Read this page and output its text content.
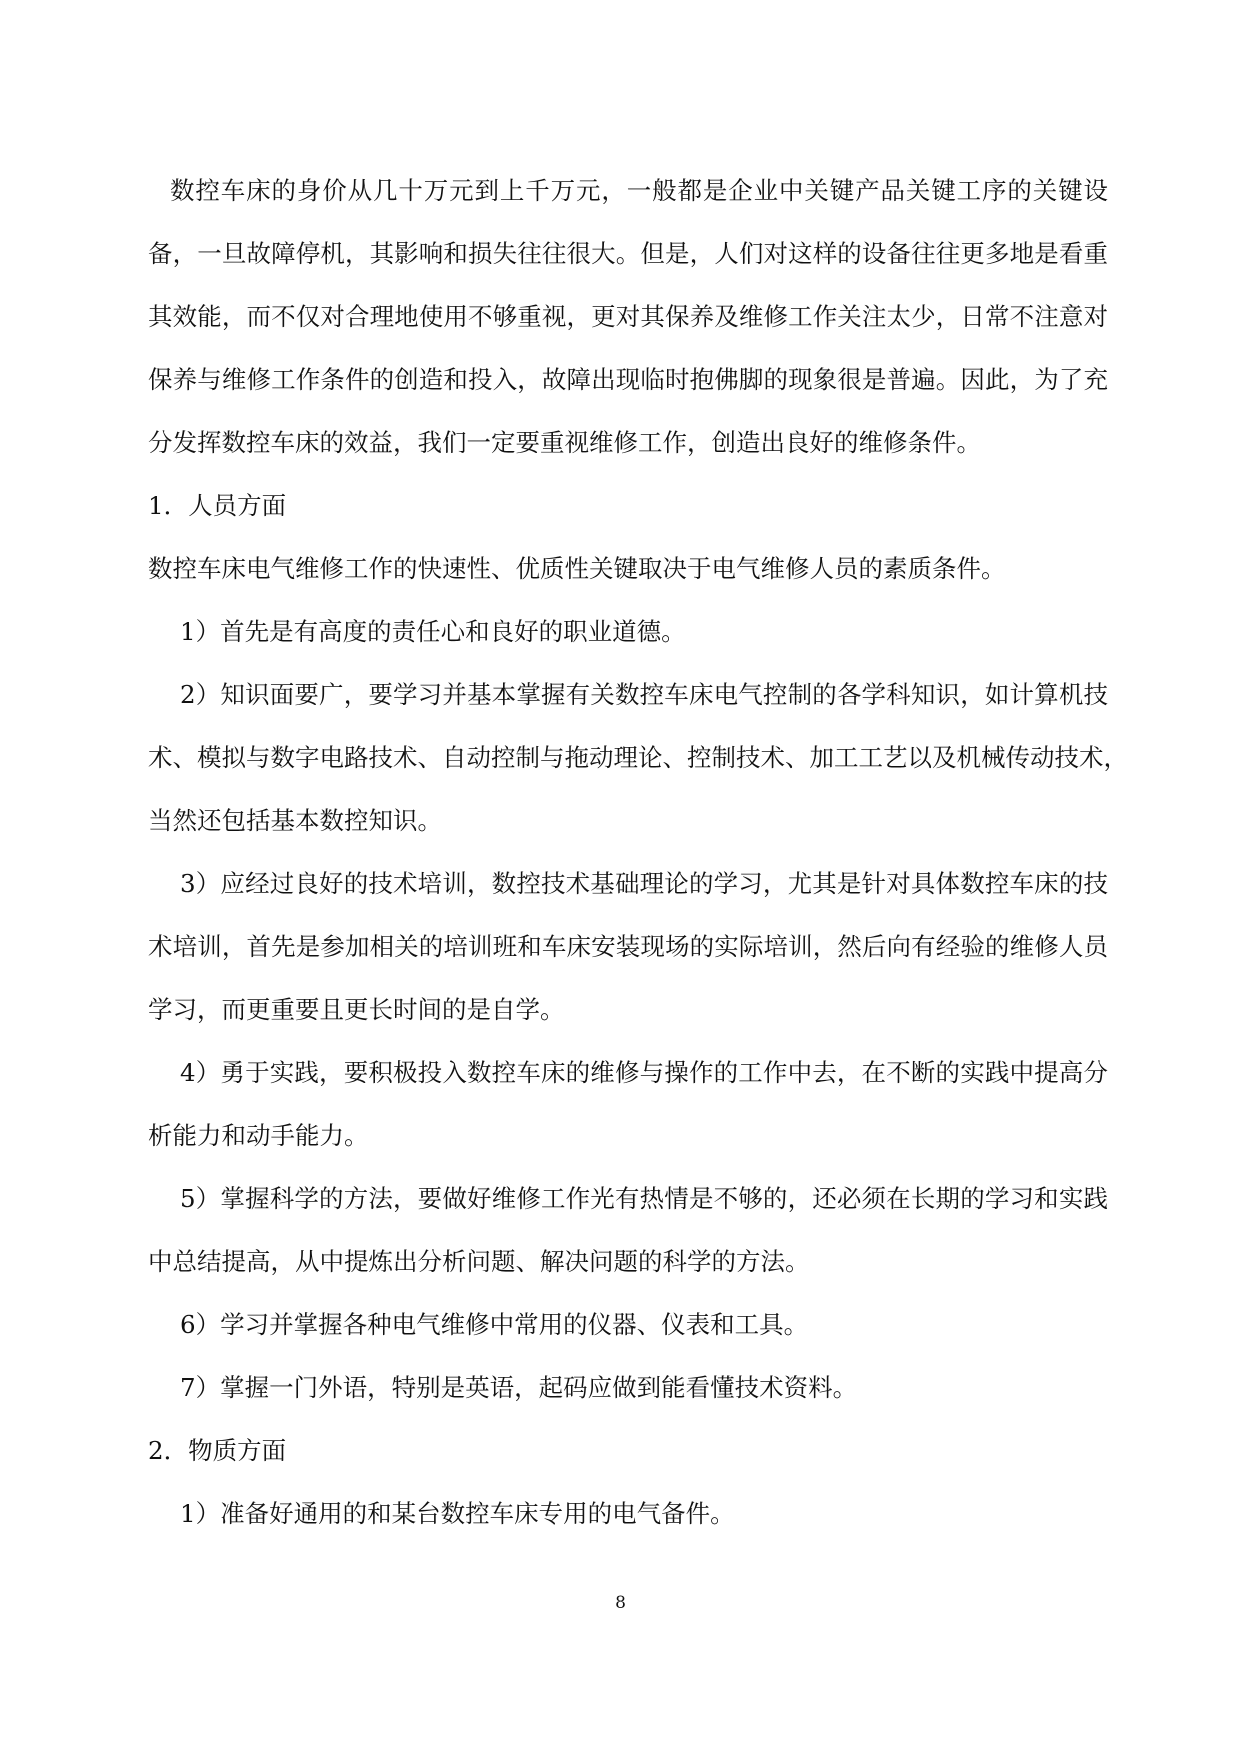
数控车床的身价从几十万元到上千万元，一般都是企业中关键产品关键工序的关键设
备，一旦故障停机，其影响和损失往往很大。但是，人们对这样的设备往往更多地是看重
其效能，而不仅对合理地使用不够重视，更对其保养及维修工作关注太少，日常不注意对
保养与维修工作条件的创造和投入，故障出现临时抱佛脚的现象很是普遍。因此，为了充
分发挥数控车床的效益，我们一定要重视维修工作，创造出良好的维修条件。
1．人员方面
数控车床电气维修工作的快速性、优质性关键取决于电气维修人员的素质条件。
1）首先是有高度的责任心和良好的职业道德。
2）知识面要广，要学习并基本掌握有关数控车床电气控制的各学科知识，如计算机技
术、模拟与数字电路技术、自动控制与拖动理论、控制技术、加工工艺以及机械传动技术，
当然还包括基本数控知识。
3）应经过良好的技术培训，数控技术基础理论的学习，尤其是针对具体数控车床的技
术培训，首先是参加相关的培训班和车床安装现场的实际培训，然后向有经验的维修人员
学习，而更重要且更长时间的是自学。
4）勇于实践，要积极投入数控车床的维修与操作的工作中去，在不断的实践中提高分
析能力和动手能力。
5）掌握科学的方法，要做好维修工作光有热情是不够的，还必须在长期的学习和实践
中总结提高，从中提炼出分析问题、解决问题的科学的方法。
6）学习并掌握各种电气维修中常用的仪器、仪表和工具。
7）掌握一门外语，特别是英语，起码应做到能看懂技术资料。
2．物质方面
1）准备好通用的和某台数控车床专用的电气备件。
8
